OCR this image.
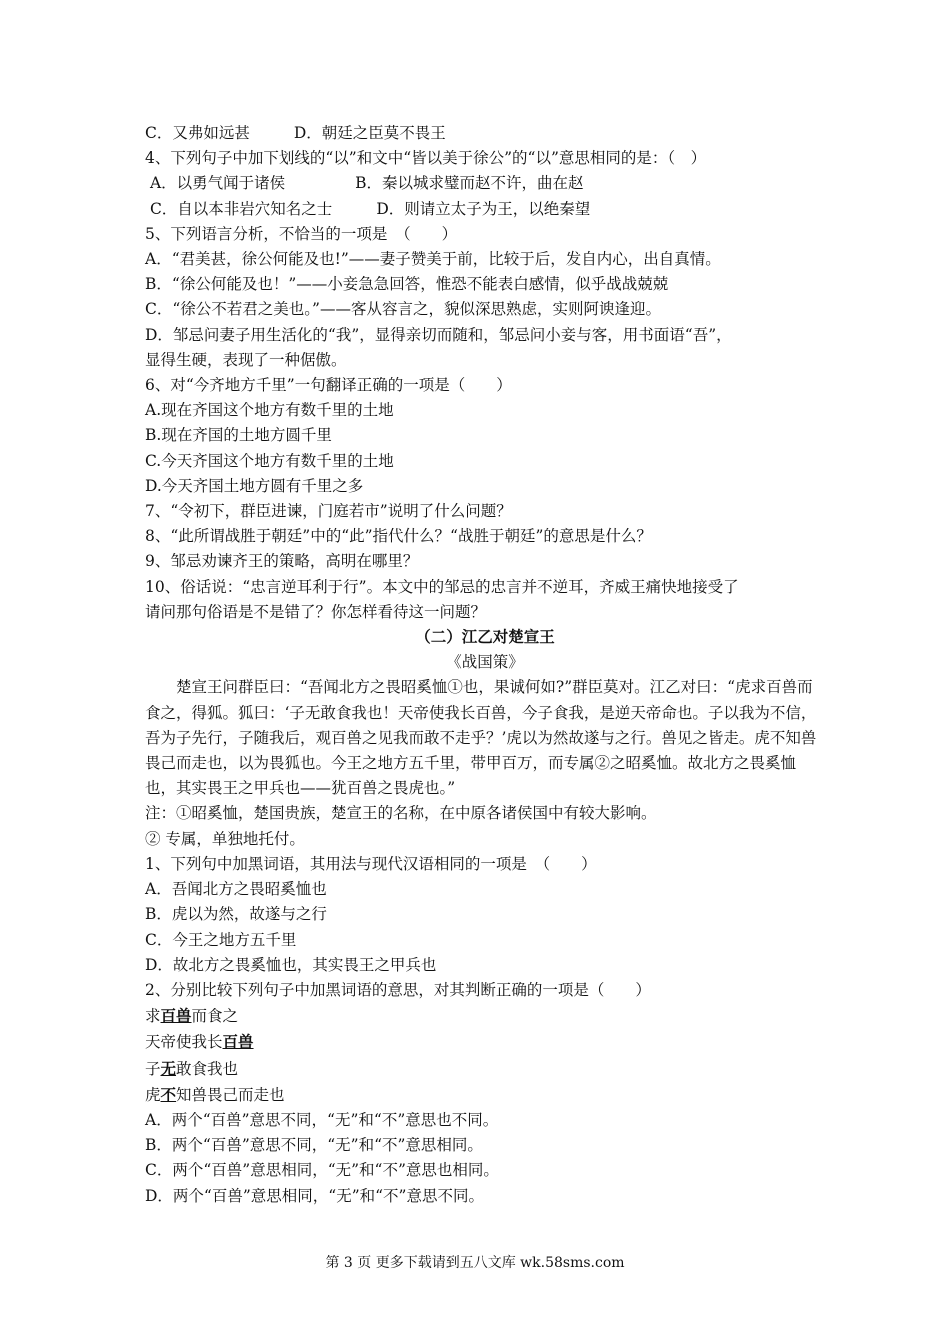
C．又弗如远甚	D．朝廷之臣莫不畏王
4、下列句子中加下划线的“以”和文中“皆以美于徐公”的“以”意思相同的是：（　）
A．以勇气闻于诸侯	B．秦以城求璧而赵不许，曲在赵
C．自以本非岩穴知名之士	D．则请立太子为王，以绝秦望
5、下列语言分析，不恰当的一项是　（　　）
A．“君美甚，徐公何能及也!”——妻子赞美于前，比较于后，发自内心，出自真情。
B．“徐公何能及也！”——小妾急急回答，惟恐不能表白感情，似乎战战兢兢
C．“徐公不若君之美也。”——客从容言之，貌似深思熟虑，实则阿谀逢迎。
D．邹忌问妻子用生活化的“我”，显得亲切而随和，邹忌问小妾与客，用书面语“吾”，
显得生硬，表现了一种倨傲。
6、对“今齐地方千里”一句翻译正确的一项是（　　）
A.现在齐国这个地方有数千里的土地
B.现在齐国的土地方圆千里
C.今天齐国这个地方有数千里的土地
D.今天齐国土地方圆有千里之多
7、“令初下，群臣进谏，门庭若市”说明了什么问题？
8、“此所谓战胜于朝廷”中的“此”指代什么？“战胜于朝廷”的意思是什么？
9、邹忌劝谏齐王的策略，高明在哪里？
10、俗话说：“忠言逆耳利于行”。本文中的邹忌的忠言并不逆耳，齐威王痛快地接受了
请问那句俗语是不是错了？你怎样看待这一问题？
（二）江乙对楚宣王
《战国策》
楚宣王问群臣曰：“吾闻北方之畏昭奚恤①也，果诚何如?”群臣莫对。江乙对曰：“虎求百兽而食之，得狐。狐曰：‘子无敢食我也！天帝使我长百兽，今子食我，是逆天帝命也。子以我为不信，吾为子先行，子随我后，观百兽之见我而敢不走乎？’虎以为然故遂与之行。兽见之皆走。虎不知兽畏己而走也，以为畏狐也。今王之地方五千里，带甲百万，而专属②之昭奚恤。故北方之畏奚恤也，其实畏王之甲兵也——犹百兽之畏虎也。”
注：①昭奚恤，楚国贵族，楚宣王的名称，在中原各诸侯国中有较大影响。
② 专属，单独地托付。
1、下列句中加黑词语，其用法与现代汉语相同的一项是　（　　）
A．吾闻北方之畏昭奚恤也
B．虎以为然，故遂与之行
C．今王之地方五千里
D．故北方之畏奚恤也，其实畏王之甲兵也
2、分别比较下列句子中加黑词语的意思，对其判断正确的一项是（　　）
求百兽而食之
天帝使我长百兽
子无敢食我也
虎不知兽畏己而走也
A．两个“百兽”意思不同，“无”和“不”意思也不同。
B．两个“百兽”意思不同，“无”和“不”意思相同。
C．两个“百兽”意思相同，“无”和“不”意思也相同。
D．两个“百兽”意思相同，“无”和“不”意思不同。
第 3 页 更多下载请到五八文库 wk.58sms.com
